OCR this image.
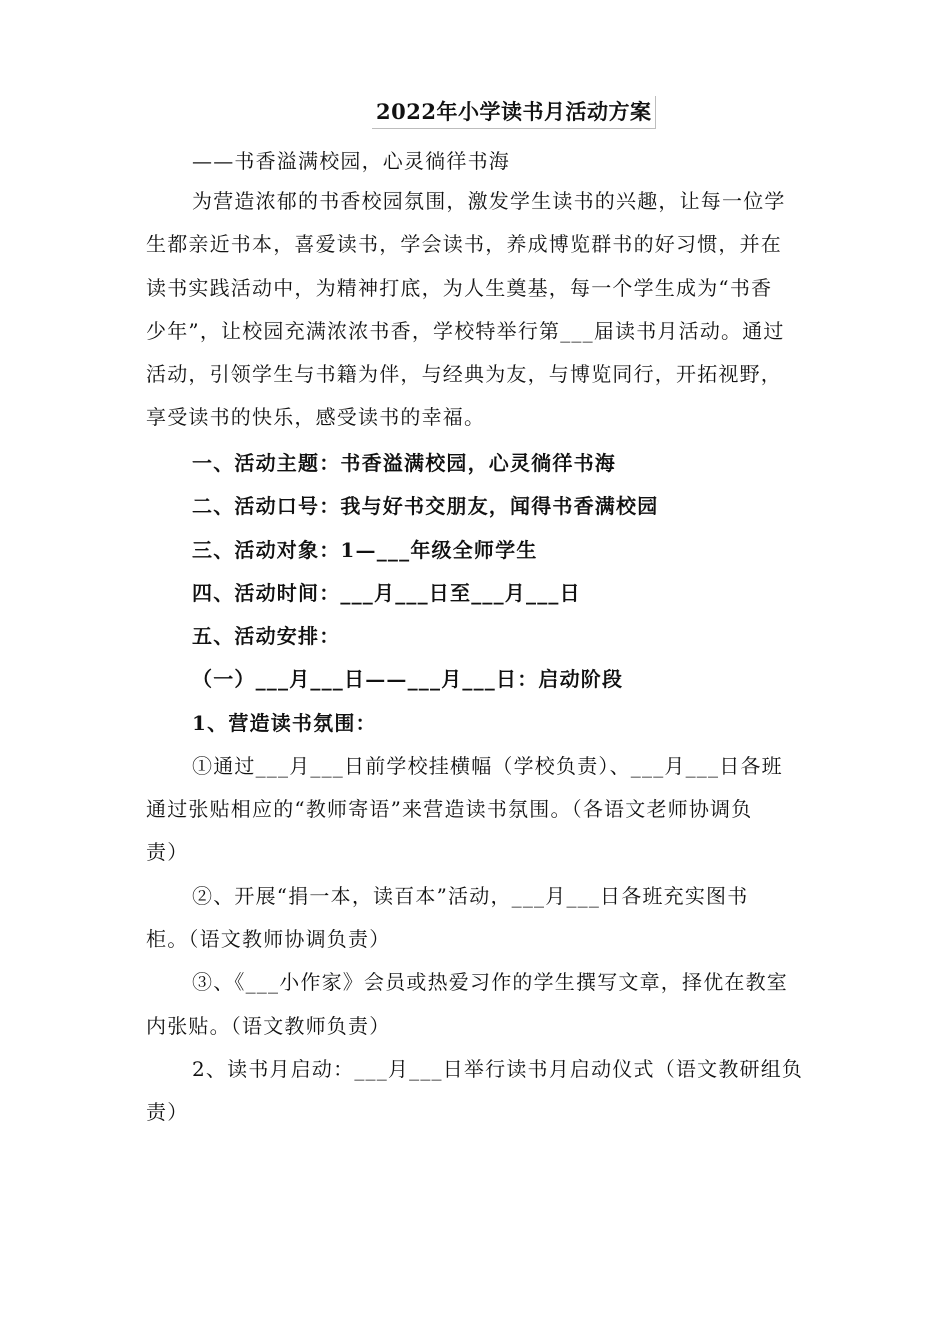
2022年小学读书月活动方案
——书香溢满校园，心灵徜徉书海
为营造浓郁的书香校园氛围，激发学生读书的兴趣，让每一位学
生都亲近书本，喜爱读书，学会读书，养成博览群书的好习惯，并在
读书实践活动中，为精神打底，为人生奠基，每一个学生成为“书香
少年”，让校园充满浓浓书香，学校特举行第___届读书月活动。通过
活动，引领学生与书籍为伴，与经典为友，与博览同行，开拓视野，
享受读书的快乐，感受读书的幸福。
一、活动主题：书香溢满校园，心灵徜徉书海
二、活动口号：我与好书交朋友，闻得书香满校园
三、活动对象：1—___年级全师学生
四、活动时间：___月___日至___月___日
五、活动安排：
（一）___月___日——___月___日：启动阶段
1、营造读书氛围：
①通过___月___日前学校挂横幅（学校负责）、___月___日各班
通过张贴相应的“教师寄语”来营造读书氛围。（各语文老师协调负
责）
②、开展“捐一本，读百本”活动，___月___日各班充实图书
柜。（语文教师协调负责）
③、《___小作家》会员或热爱习作的学生撰写文章，择优在教室
内张贴。（语文教师负责）
2、读书月启动：___月___日举行读书月启动仪式（语文教研组负
责）
